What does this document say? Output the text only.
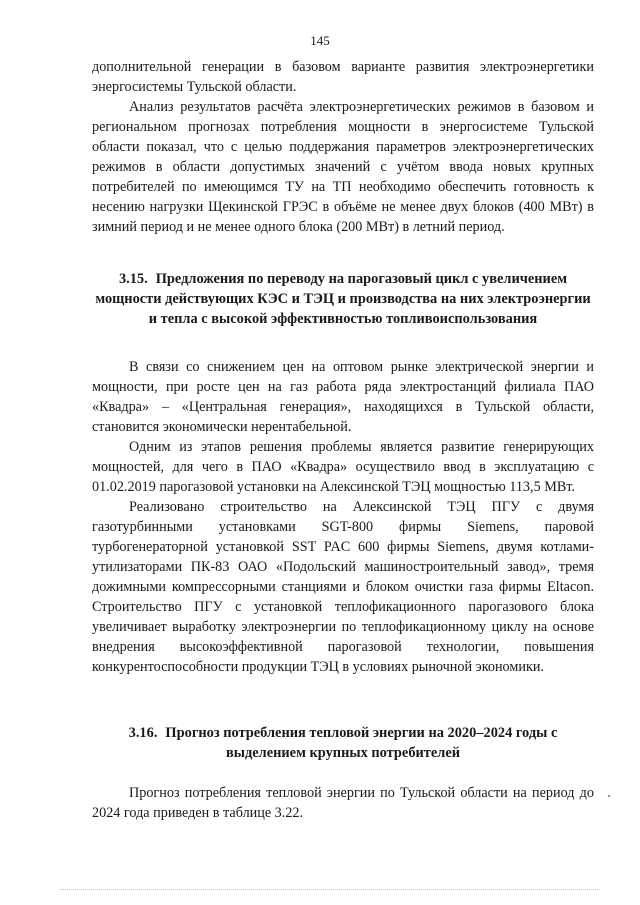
145

дополнительной генерации в базовом варианте развития электроэнергетики энергосистемы Тульской области.

Анализ результатов расчёта электроэнергетических режимов в базовом и региональном прогнозах потребления мощности в энергосистеме Тульской области показал, что с целью поддержания параметров электроэнергетических режимов в области допустимых значений с учётом ввода новых крупных потребителей по имеющимся ТУ на ТП необходимо обеспечить готовность к несению нагрузки Щекинской ГРЭС в объёме не менее двух блоков (400 МВт) в зимний период и не менее одного блока (200 МВт) в летний период.

3.15. Предложения по переводу на парогазовый цикл с увеличением мощности действующих КЭС и ТЭЦ и производства на них электроэнергии и тепла с высокой эффективностью топливоиспользования

В связи со снижением цен на оптовом рынке электрической энергии и мощности, при росте цен на газ работа ряда электростанций филиала ПАО «Квадра» – «Центральная генерация», находящихся в Тульской области, становится экономически нерентабельной.

Одним из этапов решения проблемы является развитие генерирующих мощностей, для чего в ПАО «Квадра» осуществило ввод в эксплуатацию с 01.02.2019 парогазовой установки на Алексинской ТЭЦ мощностью 113,5 МВт.

Реализовано строительство на Алексинской ТЭЦ ПГУ с двумя газотурбинными установками SGT-800 фирмы Siemens, паровой турбогенераторной установкой SST PAC 600 фирмы Siemens, двумя котлами-утилизаторами ПК-83 ОАО «Подольский машиностроительный завод», тремя дожимными компрессорными станциями и блоком очистки газа фирмы Eltacon. Строительство ПГУ с установкой теплофикационного парогазового блока увеличивает выработку электроэнергии по теплофикационному циклу на основе внедрения высокоэффективной парогазовой технологии, повышения конкурентоспособности продукции ТЭЦ в условиях рыночной экономики.

3.16. Прогноз потребления тепловой энергии на 2020–2024 годы с выделением крупных потребителей

Прогноз потребления тепловой энергии по Тульской области на период до 2024 года приведен в таблице 3.22.
